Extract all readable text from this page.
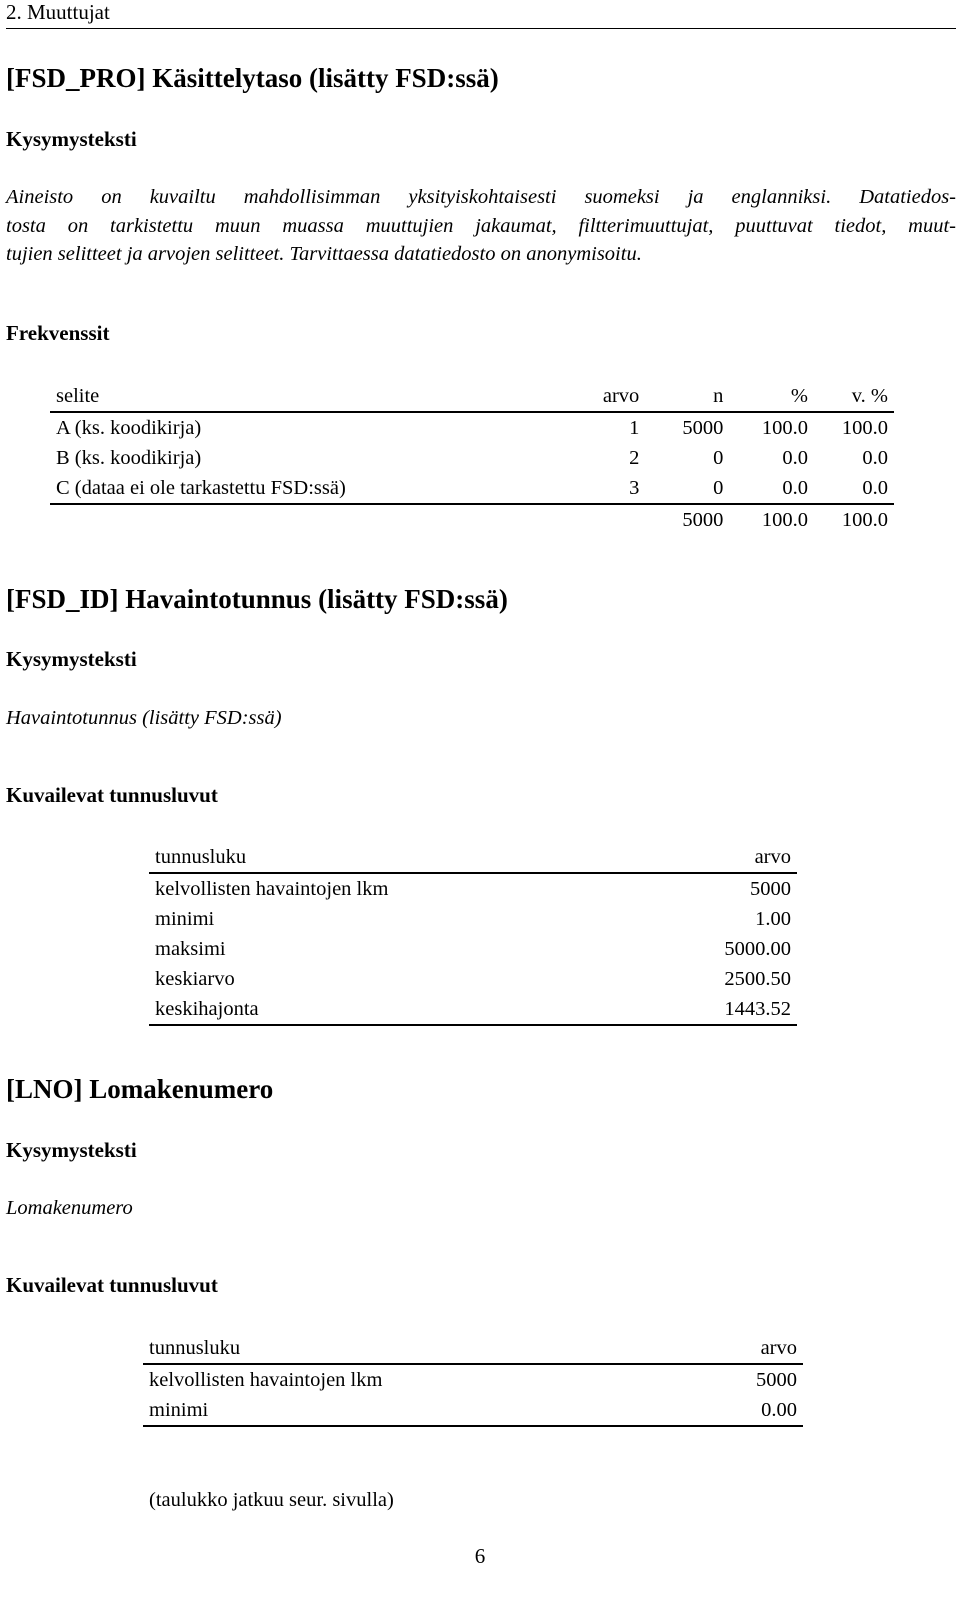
2. Muuttujat
[FSD_PRO] Käsittelytaso (lisätty FSD:ssä)
Kysymysteksti
Aineisto on kuvailtu mahdollisimman yksityiskohtaisesti suomeksi ja englanniksi. Datatiedos-
tosta on tarkistettu muun muassa muuttujien jakaumat, filtterimuuttujat, puuttuvat tiedot, muut-
tujien selitteet ja arvojen selitteet. Tarvittaessa datatiedosto on anonymisoitu.
Frekvenssit
selite	arvo	n	%	v. %
A (ks. koodikirja)	1	5000	100.0	100.0
B (ks. koodikirja)	2	0	0.0	0.0
C (dataa ei ole tarkastettu FSD:ssä)	3	0	0.0	0.0
		5000	100.0	100.0
[FSD_ID] Havaintotunnus (lisätty FSD:ssä)
Kysymysteksti
Havaintotunnus (lisätty FSD:ssä)
Kuvailevat tunnusluvut
tunnusluku	arvo
kelvollisten havaintojen lkm	5000
minimi	1.00
maksimi	5000.00
keskiarvo	2500.50
keskihajonta	1443.52
[LNO] Lomakenumero
Kysymysteksti
Lomakenumero
Kuvailevat tunnusluvut
tunnusluku	arvo
kelvollisten havaintojen lkm	5000
minimi	0.00
(taulukko jatkuu seur. sivulla)
6
